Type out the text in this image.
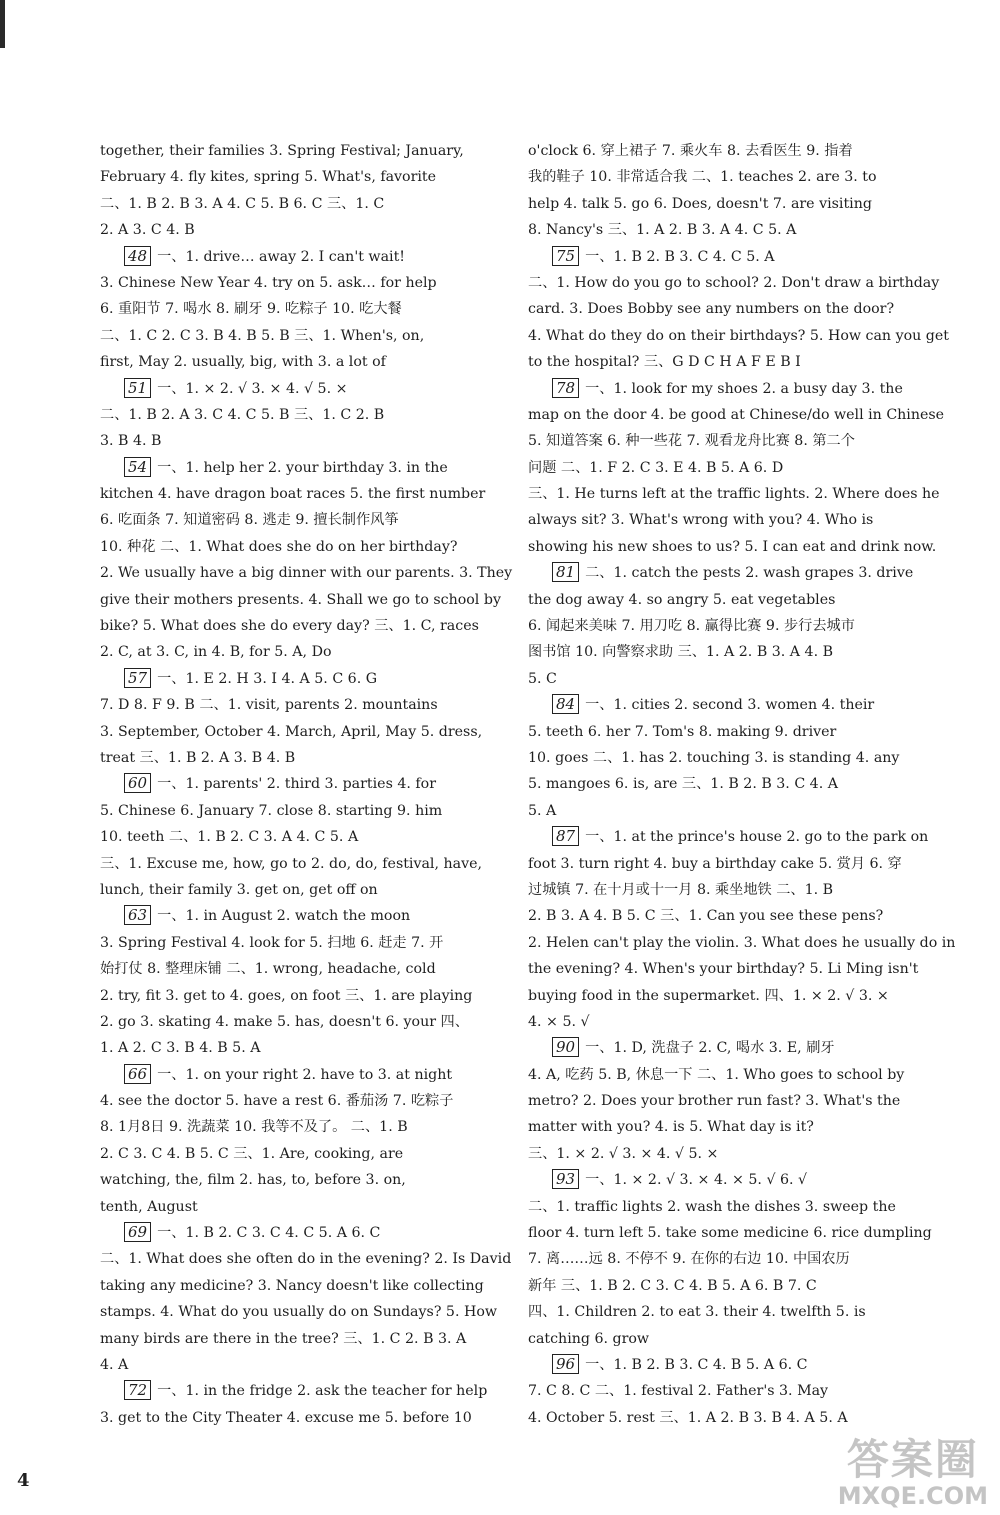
together, their families 3. Spring Festival; January,
February 4. fly kites, spring 5. What's, favorite
二、1. B 2. B 3. A 4. C 5. B 6. C 三、1. C
2. A 3. C 4. B
48 一、1. drive… away 2. I can't wait!
3. Chinese New Year 4. try on 5. ask… for help
6. 重阳节 7. 喝水 8. 刷牙 9. 吃粽子 10. 吃大餐
二、1. C 2. C 3. B 4. B 5. B 三、1. When's, on,
first, May 2. usually, big, with 3. a lot of
51 一、1. × 2. √ 3. × 4. √ 5. ×
二、1. B 2. A 3. C 4. C 5. B 三、1. C 2. B
3. B 4. B
54 一、1. help her 2. your birthday 3. in the
kitchen 4. have dragon boat races 5. the first number
6. 吃面条 7. 知道密码 8. 逃走 9. 擅长制作风筝
10. 种花 二、1. What does she do on her birthday?
2. We usually have a big dinner with our parents. 3. They
give their mothers presents. 4. Shall we go to school by
bike? 5. What does she do every day? 三、1. C, races
2. C, at 3. C, in 4. B, for 5. A, Do
57 一、1. E 2. H 3. I 4. A 5. C 6. G
7. D 8. F 9. B 二、1. visit, parents 2. mountains
3. September, October 4. March, April, May 5. dress,
treat 三、1. B 2. A 3. B 4. B
60 一、1. parents' 2. third 3. parties 4. for
5. Chinese 6. January 7. close 8. starting 9. him
10. teeth 二、1. B 2. C 3. A 4. C 5. A
三、1. Excuse me, how, go to 2. do, do, festival, have,
lunch, their family 3. get on, get off on
63 一、1. in August 2. watch the moon
3. Spring Festival 4. look for 5. 扫地 6. 赶走 7. 开
始打仗 8. 整理床铺 二、1. wrong, headache, cold
2. try, fit 3. get to 4. goes, on foot 三、1. are playing
2. go 3. skating 4. make 5. has, doesn't 6. your 四、
1. A 2. C 3. B 4. B 5. A
66 一、1. on your right 2. have to 3. at night
4. see the doctor 5. have a rest 6. 番茄汤 7. 吃粽子
8. 1月8日 9. 洗蔬菜 10. 我等不及了。 二、1. B
2. C 3. C 4. B 5. C 三、1. Are, cooking, are
watching, the, film 2. has, to, before 3. on,
tenth, August
69 一、1. B 2. C 3. C 4. C 5. A 6. C
二、1. What does she often do in the evening? 2. Is David
taking any medicine? 3. Nancy doesn't like collecting
stamps. 4. What do you usually do on Sundays? 5. How
many birds are there in the tree? 三、1. C 2. B 3. A
4. A
72 一、1. in the fridge 2. ask the teacher for help
3. get to the City Theater 4. excuse me 5. before 10
o'clock 6. 穿上裙子 7. 乘火车 8. 去看医生 9. 指着
我的鞋子 10. 非常适合我 二、1. teaches 2. are 3. to
help 4. talk 5. go 6. Does, doesn't 7. are visiting
8. Nancy's 三、1. A 2. B 3. A 4. C 5. A
75 一、1. B 2. B 3. C 4. C 5. A
二、1. How do you go to school? 2. Don't draw a birthday
card. 3. Does Bobby see any numbers on the door?
4. What do they do on their birthdays? 5. How can you get
to the hospital? 三、G D C H A F E B I
78 一、1. look for my shoes 2. a busy day 3. the
map on the door 4. be good at Chinese/do well in Chinese
5. 知道答案 6. 种一些花 7. 观看龙舟比赛 8. 第二个
问题 二、1. F 2. C 3. E 4. B 5. A 6. D
三、1. He turns left at the traffic lights. 2. Where does he
always sit? 3. What's wrong with you? 4. Who is
showing his new shoes to us? 5. I can eat and drink now.
81 二、1. catch the pests 2. wash grapes 3. drive
the dog away 4. so angry 5. eat vegetables
6. 闻起来美味 7. 用刀吃 8. 赢得比赛 9. 步行去城市
图书馆 10. 向警察求助 三、1. A 2. B 3. A 4. B
5. C
84 一、1. cities 2. second 3. women 4. their
5. teeth 6. her 7. Tom's 8. making 9. driver
10. goes 二、1. has 2. touching 3. is standing 4. any
5. mangoes 6. is, are 三、1. B 2. B 3. C 4. A
5. A
87 一、1. at the prince's house 2. go to the park on
foot 3. turn right 4. buy a birthday cake 5. 赏月 6. 穿
过城镇 7. 在十月或十一月 8. 乘坐地铁 二、1. B
2. B 3. A 4. B 5. C 三、1. Can you see these pens?
2. Helen can't play the violin. 3. What does he usually do in
the evening? 4. When's your birthday? 5. Li Ming isn't
buying food in the supermarket. 四、1. × 2. √ 3. ×
4. × 5. √
90 一、1. D, 洗盘子 2. C, 喝水 3. E, 刷牙
4. A, 吃药 5. B, 休息一下 二、1. Who goes to school by
metro? 2. Does your brother run fast? 3. What's the
matter with you? 4. is 5. What day is it?
三、1. × 2. √ 3. × 4. √ 5. ×
93 一、1. × 2. √ 3. × 4. × 5. √ 6. √
二、1. traffic lights 2. wash the dishes 3. sweep the
floor 4. turn left 5. take some medicine 6. rice dumpling
7. 离……远 8. 不停不 9. 在你的右边 10. 中国农历
新年 三、1. B 2. C 3. C 4. B 5. A 6. B 7. C
四、1. Children 2. to eat 3. their 4. twelfth 5. is
catching 6. grow
96 一、1. B 2. B 3. C 4. B 5. A 6. C
7. C 8. C 二、1. festival 2. Father's 3. May
4. October 5. rest 三、1. A 2. B 3. B 4. A 5. A
4	答案圈
MXQE.COM
